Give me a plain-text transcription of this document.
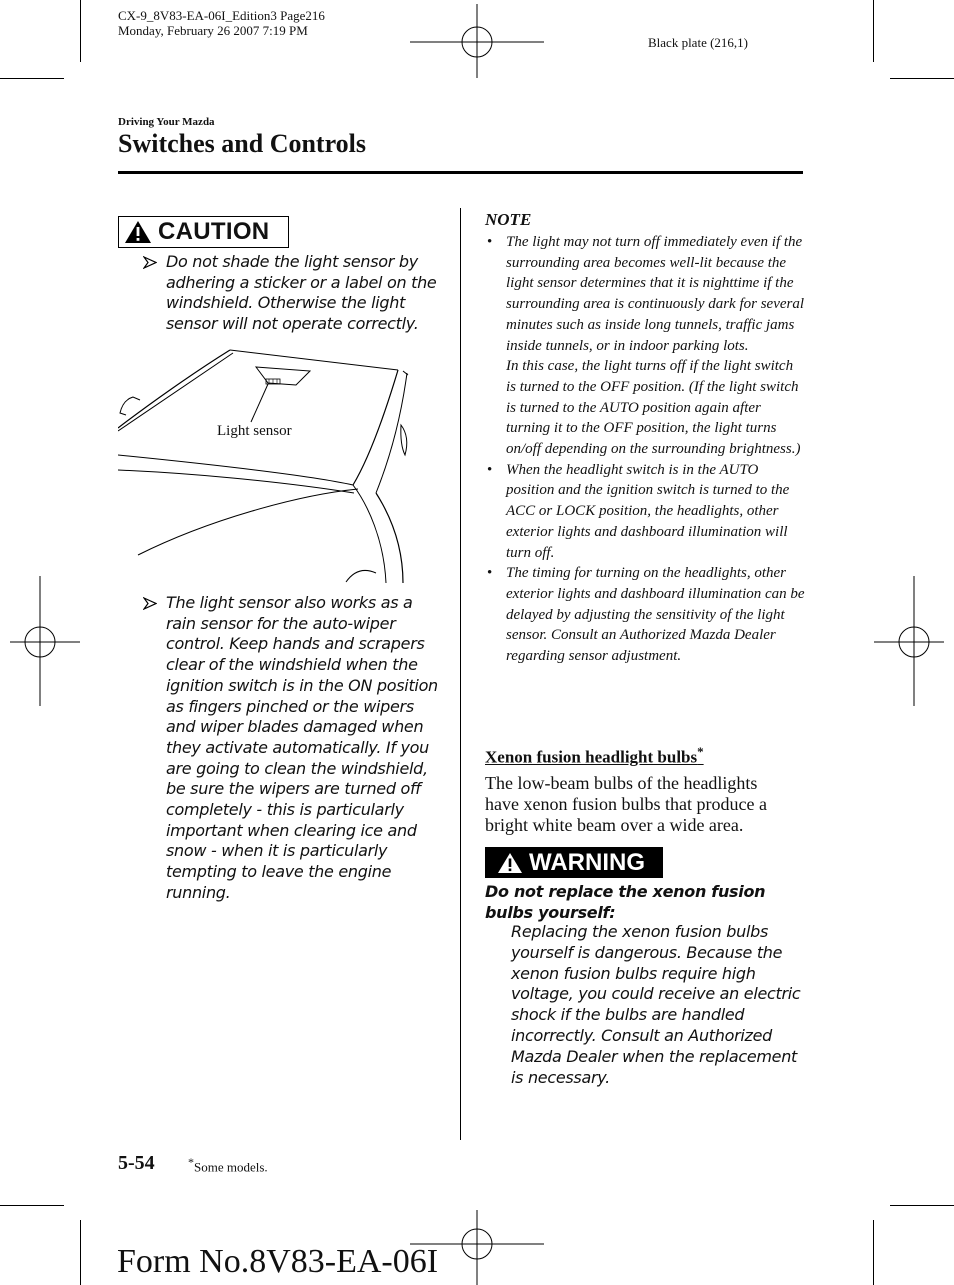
CX-9_8V83-EA-06I_Edition3 Page216
Monday, February 26 2007 7:19 PM
Black plate (216,1)
Driving Your Mazda
Switches and Controls
CAUTION
Do not shade the light sensor by adhering a sticker or a label on the windshield. Otherwise the light sensor will not operate correctly.
Light sensor
The light sensor also works as a rain sensor for the auto-wiper control. Keep hands and scrapers clear of the windshield when the ignition switch is in the ON position as fingers pinched or the wipers and wiper blades damaged when they activate automatically. If you are going to clean the windshield, be sure the wipers are turned off completely - this is particularly important when clearing ice and snow - when it is particularly tempting to leave the engine running.
NOTE
• The light may not turn off immediately even if the surrounding area becomes well-lit because the light sensor determines that it is nighttime if the surrounding area is continuously dark for several minutes such as inside long tunnels, traffic jams inside tunnels, or in indoor parking lots.

In this case, the light turns off if the light switch is turned to the OFF position. (If the light switch is turned to the AUTO position again after turning it to the OFF position, the light turns on/off depending on the surrounding brightness.)

• When the headlight switch is in the AUTO position and the ignition switch is turned to the ACC or LOCK position, the headlights, other exterior lights and dashboard illumination will turn off.

• The timing for turning on the headlights, other exterior lights and dashboard illumination can be delayed by adjusting the sensitivity of the light sensor. Consult an Authorized Mazda Dealer regarding sensor adjustment.

Xenon fusion headlight bulbs*
The low-beam bulbs of the headlights have xenon fusion bulbs that produce a bright white beam over a wide area.
WARNING
Do not replace the xenon fusion bulbs yourself:
Replacing the xenon fusion bulbs yourself is dangerous. Because the xenon fusion bulbs require high voltage, you could receive an electric shock if the bulbs are handled incorrectly. Consult an Authorized Mazda Dealer when the replacement is necessary.
5-54	*Some models.
Form No.8V83-EA-06I
